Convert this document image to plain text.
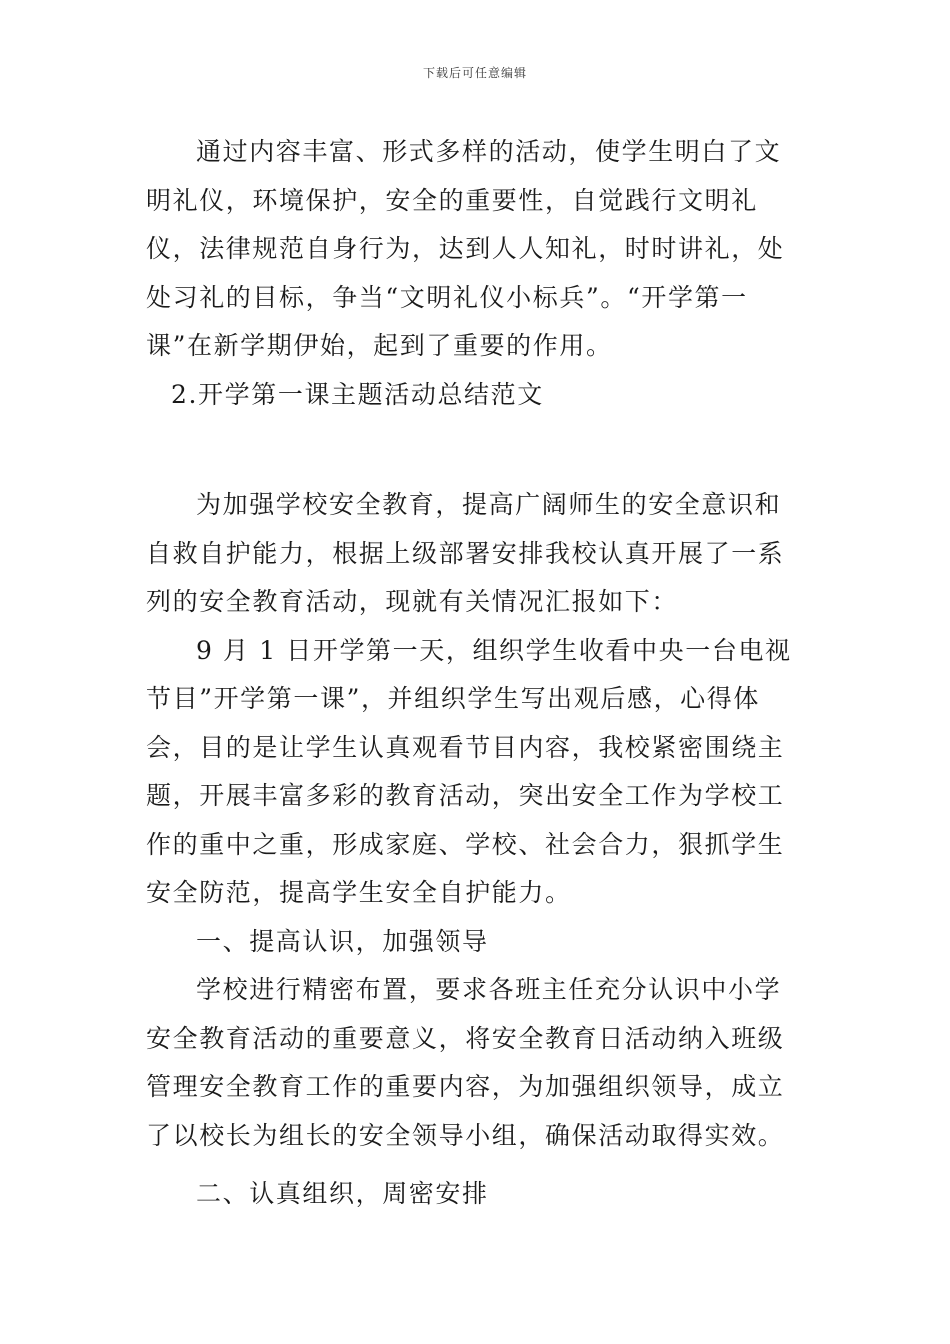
下载后可任意编辑

通过内容丰富、形式多样的活动，使学生明白了文明礼仪，环境保护，安全的重要性，自觉践行文明礼仪，法律规范自身行为，达到人人知礼，时时讲礼，处处习礼的目标，争当“文明礼仪小标兵”。“开学第一课”在新学期伊始，起到了重要的作用。

2.开学第一课主题活动总结范文

为加强学校安全教育，提高广阔师生的安全意识和自救自护能力，根据上级部署安排我校认真开展了一系列的安全教育活动，现就有关情况汇报如下：

9 月 1 日开学第一天，组织学生收看中央一台电视节目”开学第一课”，并组织学生写出观后感，心得体会，目的是让学生认真观看节目内容，我校紧密围绕主题，开展丰富多彩的教育活动，突出安全工作为学校工作的重中之重，形成家庭、学校、社会合力，狠抓学生安全防范，提高学生安全自护能力。

一、提高认识，加强领导

学校进行精密布置，要求各班主任充分认识中小学安全教育活动的重要意义，将安全教育日活动纳入班级管理安全教育工作的重要内容，为加强组织领导，成立了以校长为组长的安全领导小组，确保活动取得实效。

二、认真组织，周密安排
